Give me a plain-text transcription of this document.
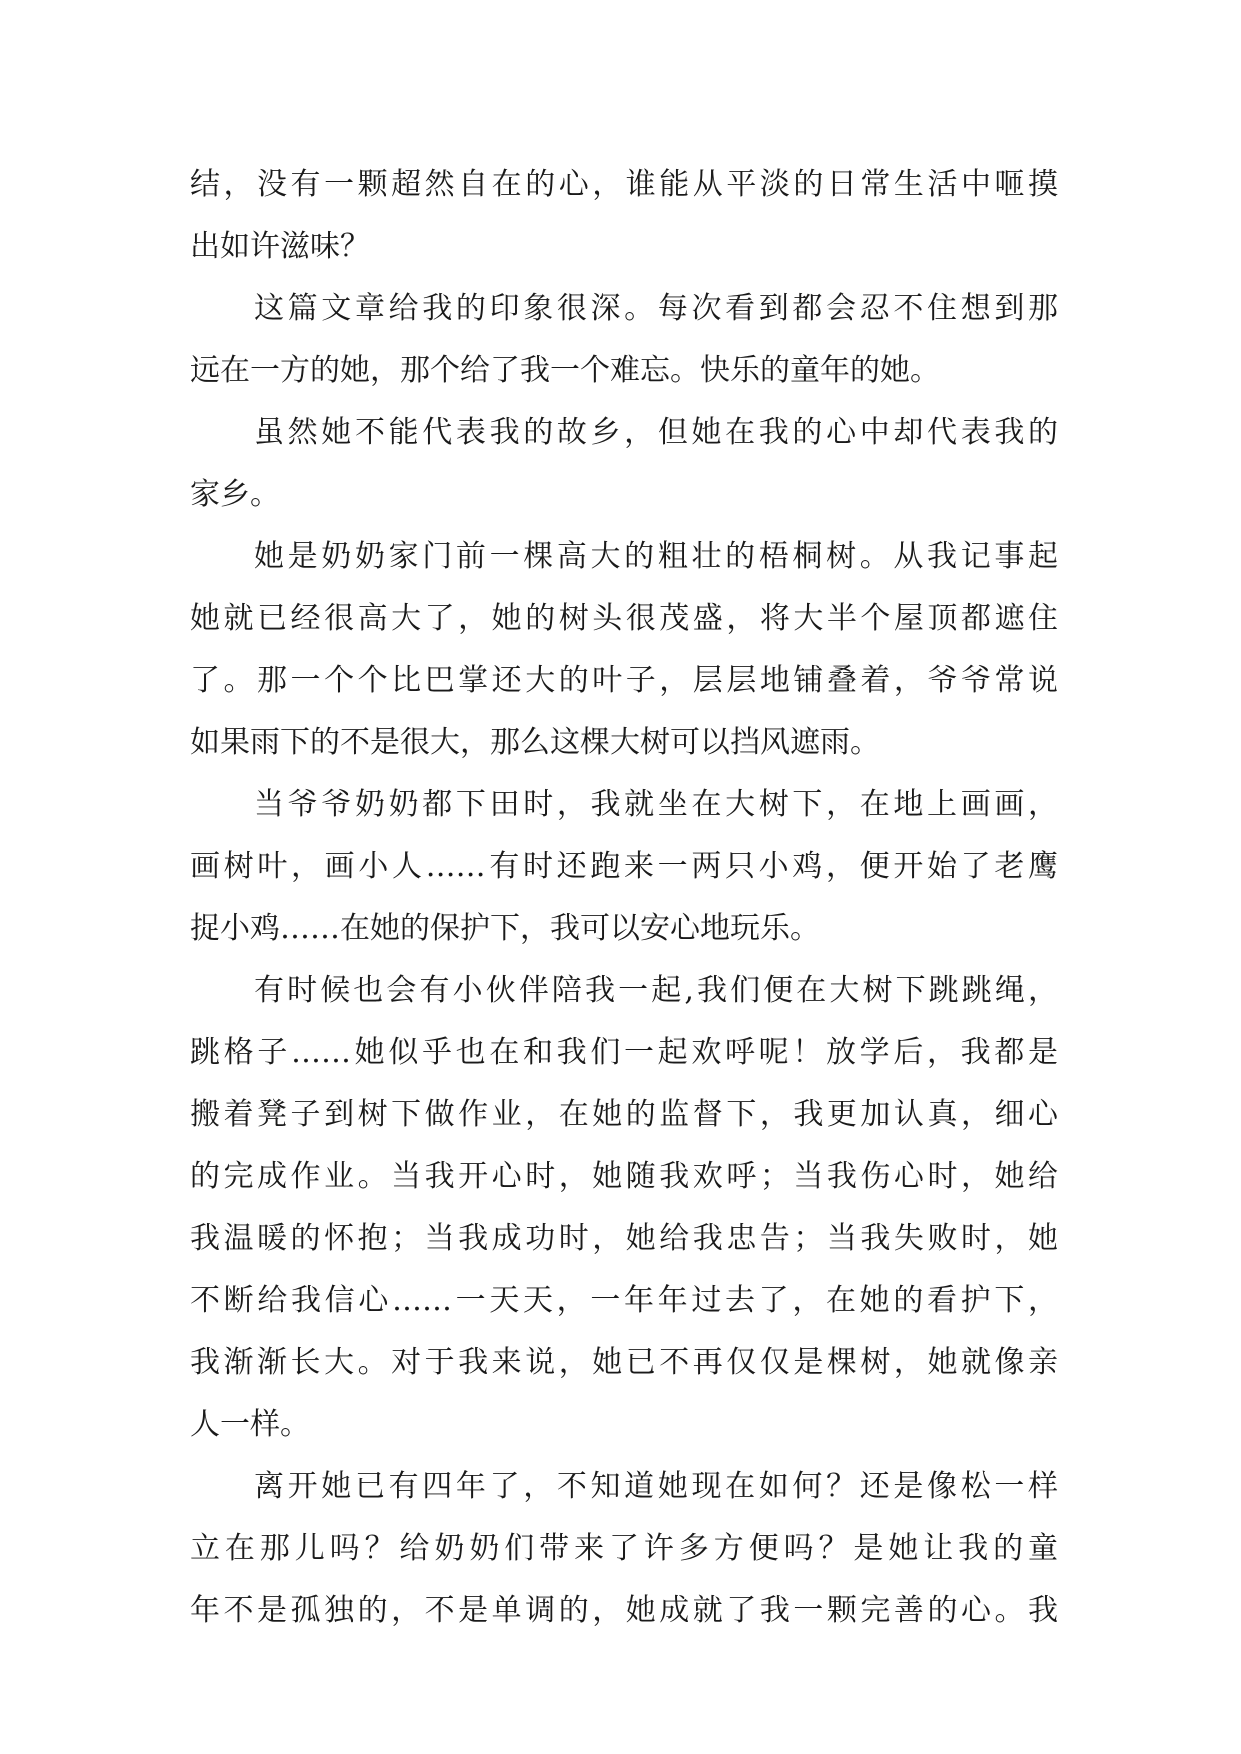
结，没有一颗超然自在的心，谁能从平淡的日常生活中咂摸
出如许滋味？
这篇文章给我的印象很深。每次看到都会忍不住想到那
远在一方的她，那个给了我一个难忘。快乐的童年的她。
虽然她不能代表我的故乡，但她在我的心中却代表我的
家乡。
她是奶奶家门前一棵高大的粗壮的梧桐树。从我记事起
她就已经很高大了，她的树头很茂盛，将大半个屋顶都遮住
了。那一个个比巴掌还大的叶子，层层地铺叠着，爷爷常说
如果雨下的不是很大，那么这棵大树可以挡风遮雨。
当爷爷奶奶都下田时，我就坐在大树下，在地上画画，
画树叶，画小人……有时还跑来一两只小鸡，便开始了老鹰
捉小鸡……在她的保护下，我可以安心地玩乐。
有时候也会有小伙伴陪我一起,我们便在大树下跳跳绳，
跳格子……她似乎也在和我们一起欢呼呢！放学后，我都是
搬着凳子到树下做作业，在她的监督下，我更加认真，细心
的完成作业。当我开心时，她随我欢呼；当我伤心时，她给
我温暖的怀抱；当我成功时，她给我忠告；当我失败时，她
不断给我信心……一天天，一年年过去了，在她的看护下，
我渐渐长大。对于我来说，她已不再仅仅是棵树，她就像亲
人一样。
离开她已有四年了，不知道她现在如何？还是像松一样
立在那儿吗？给奶奶们带来了许多方便吗？是她让我的童
年不是孤独的，不是单调的，她成就了我一颗完善的心。我
